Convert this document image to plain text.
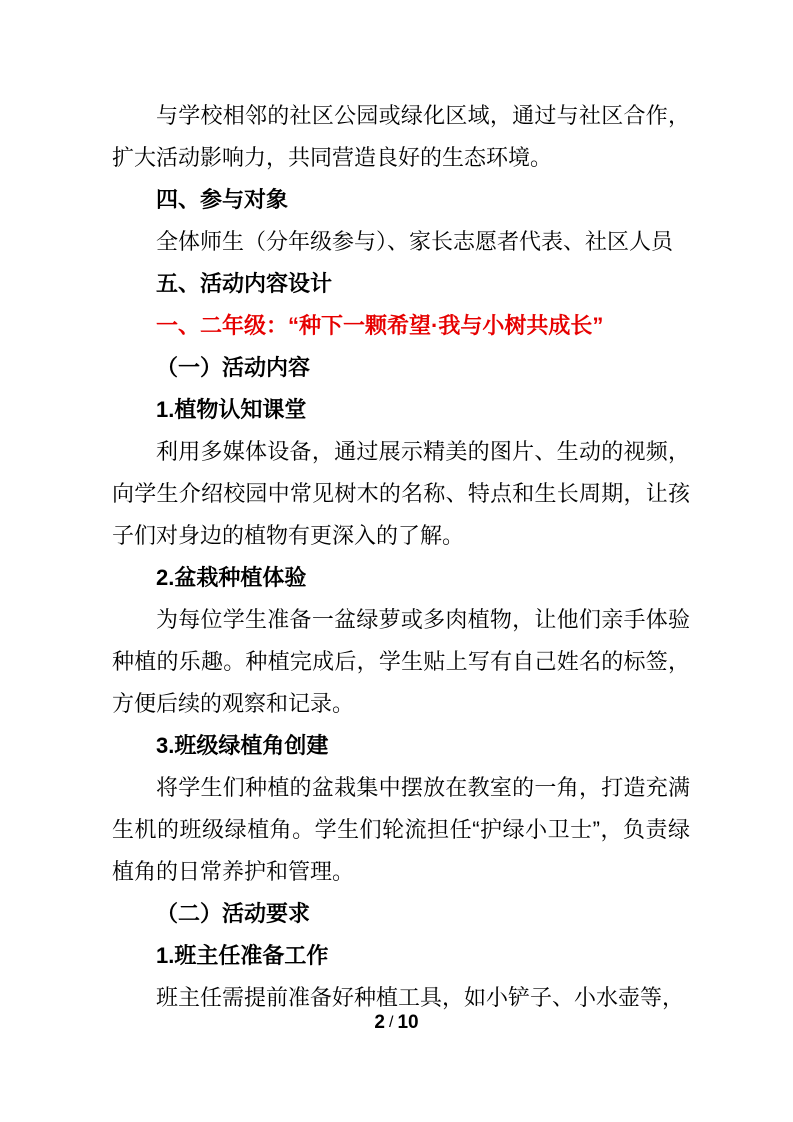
与学校相邻的社区公园或绿化区域，通过与社区合作，扩大活动影响力，共同营造良好的生态环境。

四、参与对象

全体师生（分年级参与）、家长志愿者代表、社区人员

五、活动内容设计

一、二年级：“种下一颗希望·我与小树共成长”

（一）活动内容

1.植物认知课堂

利用多媒体设备，通过展示精美的图片、生动的视频，向学生介绍校园中常见树木的名称、特点和生长周期，让孩子们对身边的植物有更深入的了解。

2.盆栽种植体验

为每位学生准备一盆绿萝或多肉植物，让他们亲手体验种植的乐趣。种植完成后，学生贴上写有自己姓名的标签，方便后续的观察和记录。

3.班级绿植角创建

将学生们种植的盆栽集中摆放在教室的一角，打造充满生机的班级绿植角。学生们轮流担任“护绿小卫士”，负责绿植角的日常养护和管理。

（二）活动要求

1.班主任准备工作

班主任需提前准备好种植工具，如小铲子、小水壶等，

2 / 10
